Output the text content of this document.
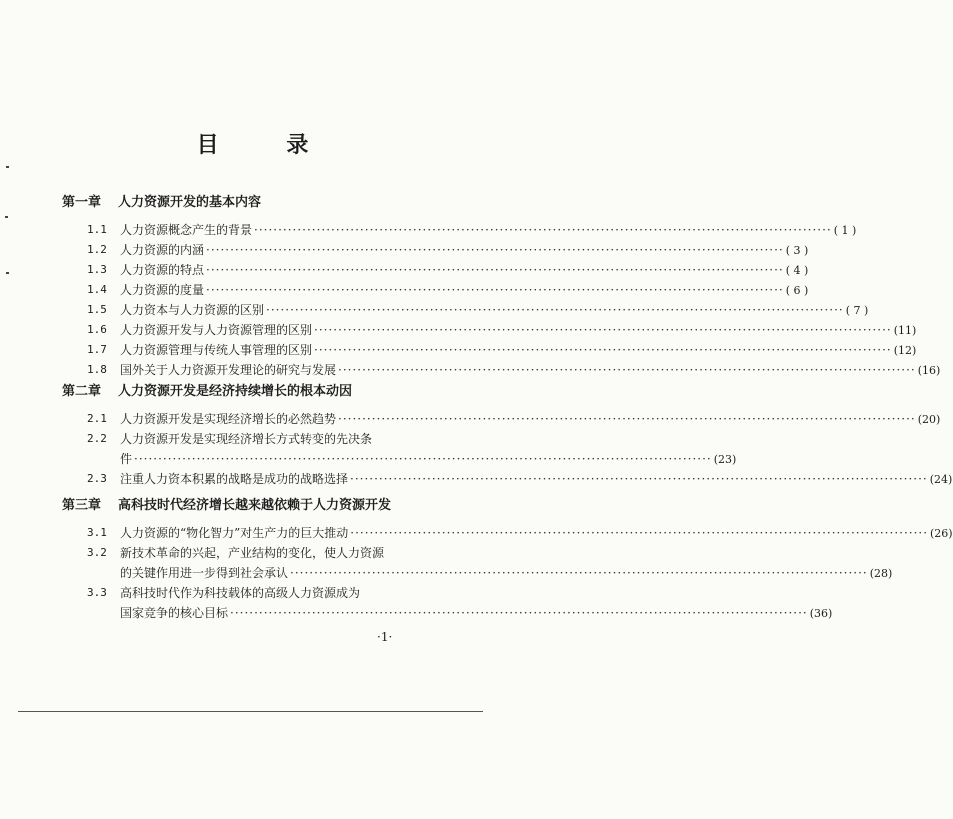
目 录
第一章 人力资源开发的基本内容
1.1	人力资源概念产生的背景 ························································································································ ( 1 )
1.2	人力资源的内涵 ························································································································ ( 3 )
1.3	人力资源的特点 ························································································································ ( 4 )
1.4	人力资源的度量 ························································································································ ( 6 )
1.5	人力资本与人力资源的区别 ························································································································ ( 7 )
1.6	人力资源开发与人力资源管理的区别 ························································································································ (11)
1.7	人力资源管理与传统人事管理的区别 ························································································································ (12)
1.8	国外关于人力资源开发理论的研究与发展 ························································································································ (16)
第二章 人力资源开发是经济持续增长的根本动因
2.1	人力资源开发是实现经济增长的必然趋势 ························································································································ (20)
2.2	人力资源开发是实现经济增长方式转变的先决条
件 ························································································································ (23)
2.3	注重人力资本积累的战略是成功的战略选择 ························································································································ (24)
第三章 高科技时代经济增长越来越依赖于人力资源开发
3.1	人力资源的“物化智力”对生产力的巨大推动 ························································································································ (26)
3.2	新技术革命的兴起，产业结构的变化，使人力资源
的关键作用进一步得到社会承认 ························································································································ (28)
3.3	高科技时代作为科技载体的高级人力资源成为
国家竞争的核心目标 ························································································································ (36)
·1·
